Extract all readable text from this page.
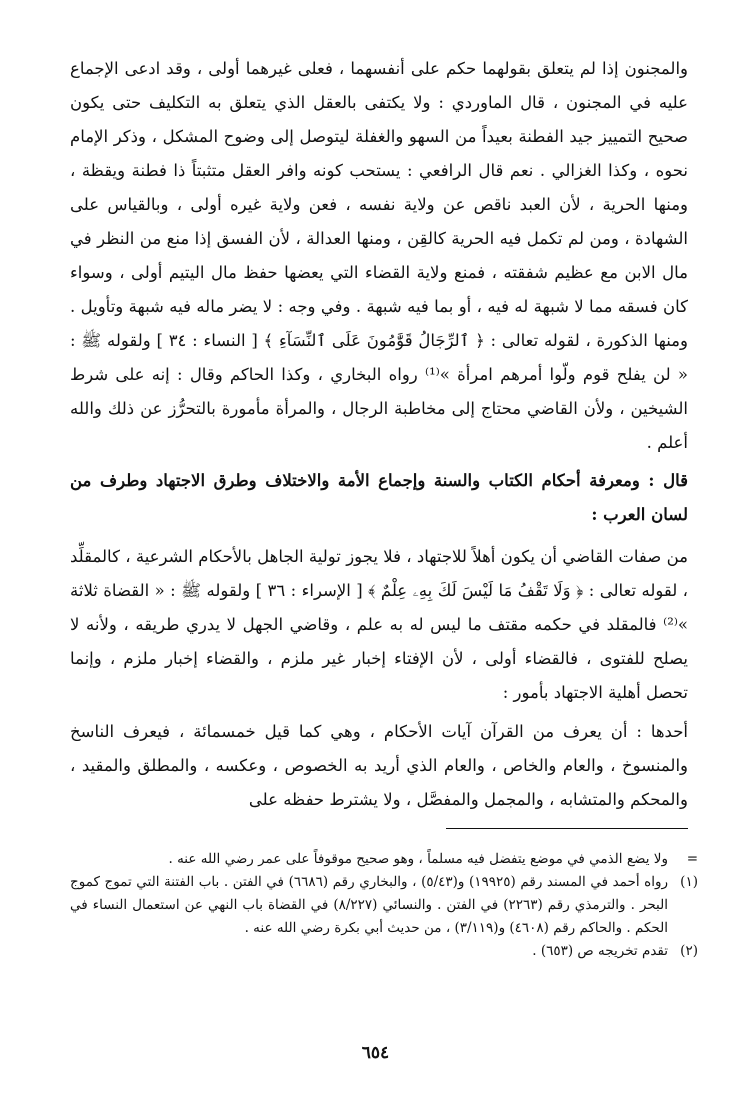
والمجنون إذا لم يتعلق بقولهما حكم على أنفسهما ، فعلى غيرهما أولى ، وقد ادعى الإجماع عليه في المجنون ، قال الماوردي : ولا يكتفى بالعقل الذي يتعلق به التكليف حتى يكون صحيح التمييز جيد الفطنة بعيداً من السهو والغفلة ليتوصل إلى وضوح المشكل ، وذكر الإمام نحوه ، وكذا الغزالي . نعم قال الرافعي : يستحب كونه وافر العقل متثبتاً ذا فطنة ويقظة ، ومنها الحرية ، لأن العبد ناقص عن ولاية نفسه ، فعن ولاية غيره أولى ، وبالقياس على الشهادة ، ومن لم تكمل فيه الحرية كالقِن ، ومنها العدالة ، لأن الفسق إذا منع من النظر في مال الابن مع عظيم شفقته ، فمنع ولاية القضاء التي يعضها حفظ مال اليتيم أولى ، وسواء كان فسقه مما لا شبهة له فيه ، أو بما فيه شبهة . وفي وجه : لا يضر ماله فيه شبهة وتأويل . ومنها الذكورة ، لقوله تعالى : ﴿ ٱلرِّجَالُ قَوَّٰمُونَ عَلَى ٱلنِّسَآءِ ﴾ [ النساء : ٣٤ ] ولقوله ﷺ : « لن يفلح قوم ولّوا أمرهم امرأة »⁽¹⁾ رواه البخاري ، وكذا الحاكم وقال : إنه على شرط الشيخين ، ولأن القاضي محتاج إلى مخاطبة الرجال ، والمرأة مأمورة بالتحرُّز عن ذلك والله أعلم .

قال : ومعرفة أحكام الكتاب والسنة وإجماع الأمة والاختلاف وطرق الاجتهاد وطرف من لسان العرب :

من صفات القاضي أن يكون أهلاً للاجتهاد ، فلا يجوز تولية الجاهل بالأحكام الشرعية ، كالمقلِّد ، لقوله تعالى : ﴿ وَلَا تَقْفُ مَا لَيْسَ لَكَ بِهِۦ عِلْمٌ ﴾ [ الإسراء : ٣٦ ] ولقوله ﷺ : « القضاة ثلاثة »⁽²⁾ فالمقلد في حكمه مقتف ما ليس له به علم ، وقاضي الجهل لا يدري طريقه ، ولأنه لا يصلح للفتوى ، فالقضاء أولى ، لأن الإفتاء إخبار غير ملزم ، والقضاء إخبار ملزم ، وإنما تحصل أهلية الاجتهاد بأمور :

أحدها : أن يعرف من القرآن آيات الأحكام ، وهي كما قيل خمسمائة ، فيعرف الناسخ والمنسوخ ، والعام والخاص ، والعام الذي أريد به الخصوص ، وعكسه ، والمطلق والمقيد ، والمحكم والمتشابه ، والمجمل والمفصَّل ، ولا يشترط حفظه على

=
ولا يضع الذمي في موضع يتفضل فيه مسلماً ، وهو صحيح موقوفاً على عمر رضي الله عنه .

(١)
رواه أحمد في المسند رقم (١٩٩٢٥) و(٥/٤٣) ، والبخاري رقم (٦٦٨٦) في الفتن . باب الفتنة التي تموج كموج البحر . والترمذي رقم (٢٢٦٣) في الفتن . والنسائي (٨/٢٢٧) في القضاة باب النهي عن استعمال النساء في الحكم . والحاكم رقم (٤٦٠٨) و(٣/١١٩) ، من حديث أبي بكرة رضي الله عنه .

(٢)
تقدم تخريجه ص (٦٥٣) .

٦٥٤
